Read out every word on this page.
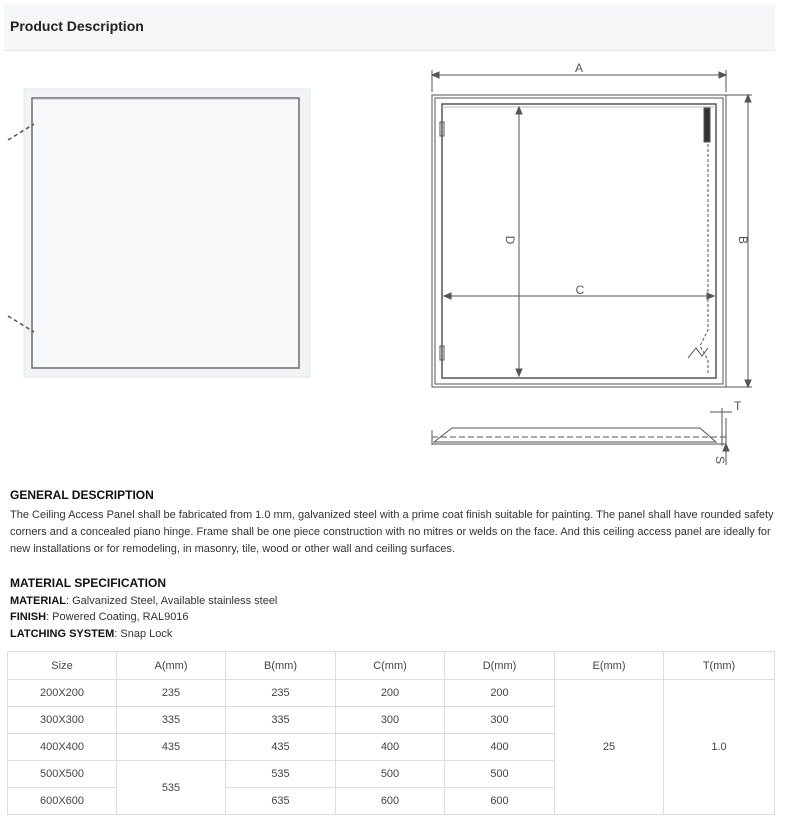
Product Description
A
C
D	B
T
S
GENERAL DESCRIPTION
The Ceiling Access Panel shall be fabricated from 1.0 mm, galvanized steel with a prime coat finish suitable for painting. The panel shall have rounded safety corners and a concealed piano hinge. Frame shall be one piece construction with no mitres or welds on the face. And this ceiling access panel are ideally for new installations or for remodeling, in masonry, tile, wood or other wall and ceiling surfaces.
MATERIAL SPECIFICATION
MATERIAL: Galvanized Steel, Available stainless steel
FINISH: Powered Coating, RAL9016
LATCHING SYSTEM: Snap Lock
Size	A(mm)	B(mm)	C(mm)	D(mm)	E(mm)	T(mm)
200X200	235	235	200	200	25	1.0
300X300	335	335	300	300		
400X400	435	435	400	400		
500X500	535	535	500	500		
600X600		635	600	600		
